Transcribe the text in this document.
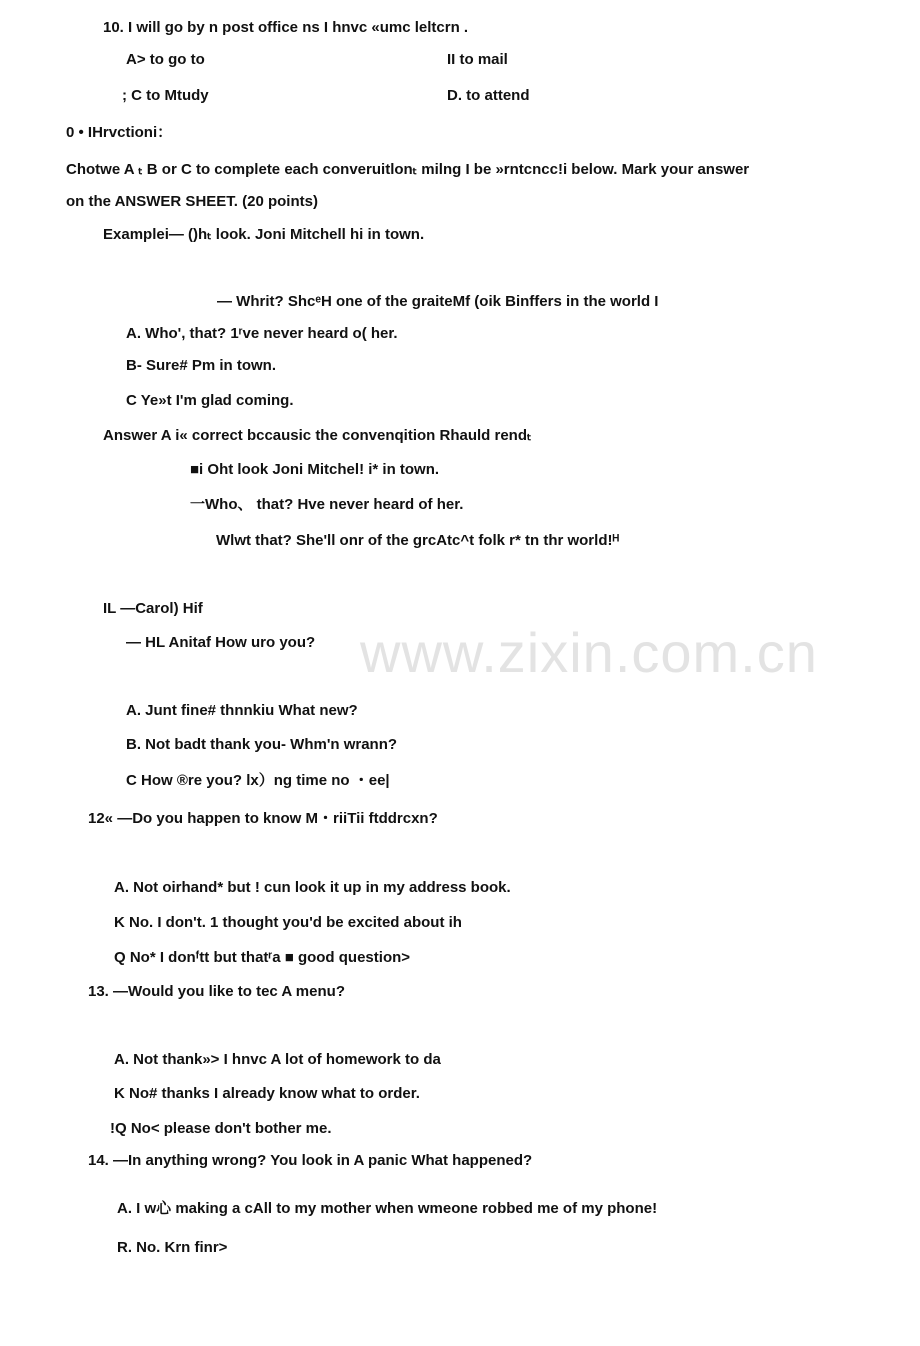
www.zixin.com.cn
10. I will go by n post office ns I hnvc «umc leltcrn .
A> to go to	II to mail
; C to Mtudy	D. to attend
0 • IHrvctioni：
Chotwe A ₜ B or C to complete each converuitlonₜ milng I be »rntcncc!i below. Mark your answer
on the ANSWER SHEET. (20 points)
Examplei— ()hₜ look. Joni Mitchell hi in town.
— Whrit? ShcᵉH one of the graiteMf (oik Binffers in the world I
A. Who', that? 1ʳve never heard o( her.
B- Sure# Pm in town.
C Ye»t I'm glad coming.
Answer A i« correct bccausic the convenqition Rhauld rendₜ
■i Oht look Joni Mitchel! i* in town.
一Who、 that? Hve never heard of her.
Wlwt that? She'll onr of the grcAtc^t folk r* tn thr world!ᴴ
IL —Carol) Hif
— HL Anitaf How uro you?
A. Junt fine# thnnkiu What new?
B. Not badt thank you- Whm'n wrann?
C How ®re you? lx）ng time no ・ee|
12« —Do you happen to know M・riiTii ftddrcxn?
A. Not oirhand* but ! cun look it up in my address book.
K No. I don't. 1 thought you'd be excited about ih
Q No* I donᶠtt but thatʳa ■ good question>
13. —Would you like to tec A menu?
A. Not thank»> I hnvc A lot of homework to da
K No# thanks I already know what to order.
!Q No< please don't bother me.
14. —In anything wrong? You look in A panic What happened?
A. I w心 making a cAll to my mother when wmeone robbed me of my phone!
R. No. Krn finr>
